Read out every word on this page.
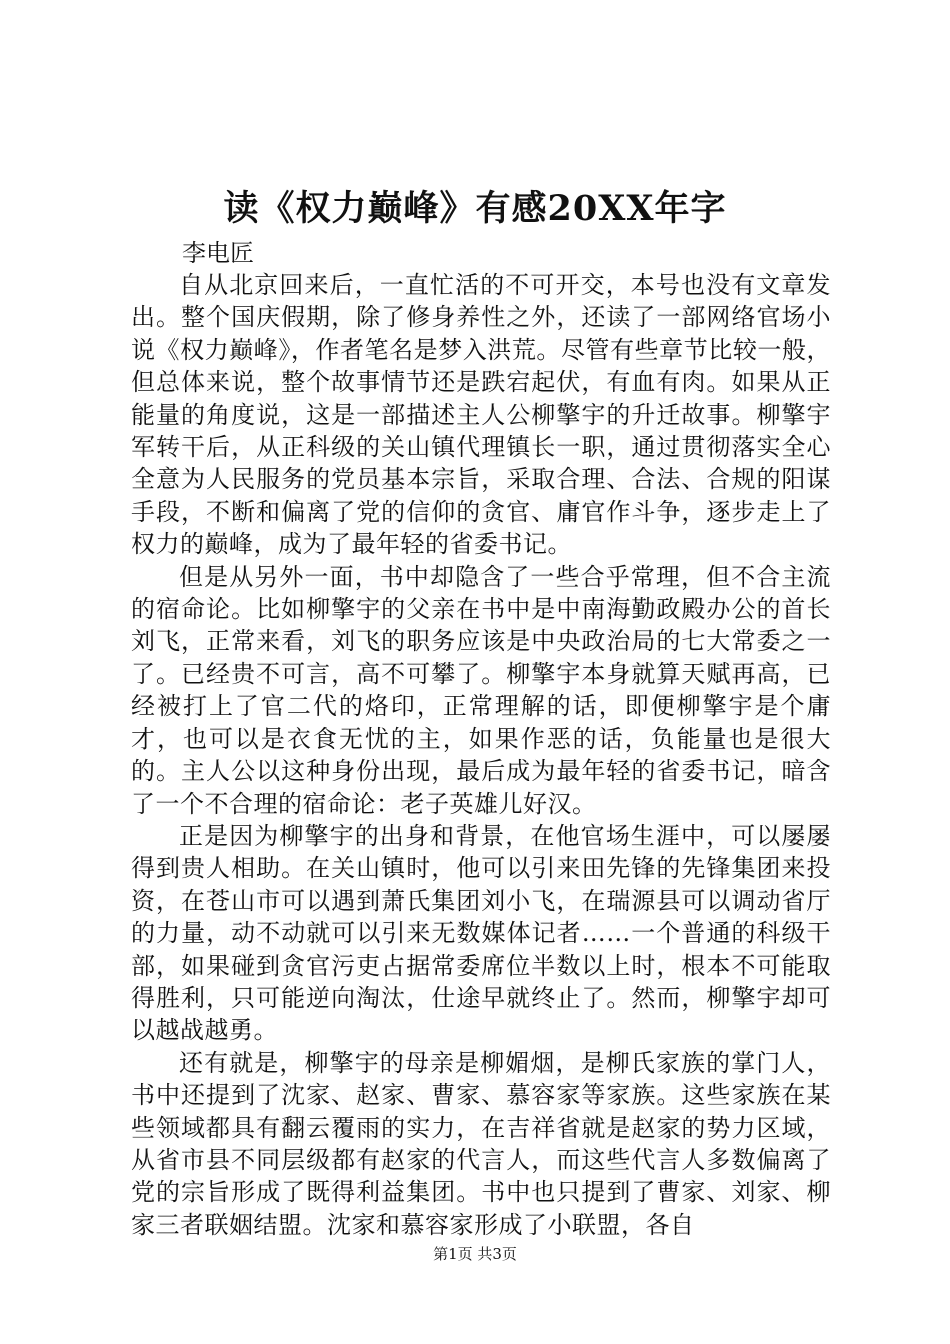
读《权力巅峰》有感20XX年字
李电匠

自从北京回来后，一直忙活的不可开交，本号也没有文章发出。整个国庆假期，除了修身养性之外，还读了一部网络官场小说《权力巅峰》，作者笔名是梦入洪荒。尽管有些章节比较一般，但总体来说，整个故事情节还是跌宕起伏，有血有肉。如果从正能量的角度说，这是一部描述主人公柳擎宇的升迁故事。柳擎宇军转干后，从正科级的关山镇代理镇长一职，通过贯彻落实全心全意为人民服务的党员基本宗旨，采取合理、合法、合规的阳谋手段，不断和偏离了党的信仰的贪官、庸官作斗争，逐步走上了权力的巅峰，成为了最年轻的省委书记。

但是从另外一面，书中却隐含了一些合乎常理，但不合主流的宿命论。比如柳擎宇的父亲在书中是中南海勤政殿办公的首长刘飞，正常来看，刘飞的职务应该是中央政治局的七大常委之一了。已经贵不可言，高不可攀了。柳擎宇本身就算天赋再高，已经被打上了官二代的烙印，正常理解的话，即便柳擎宇是个庸才，也可以是衣食无忧的主，如果作恶的话，负能量也是很大的。主人公以这种身份出现，最后成为最年轻的省委书记，暗含了一个不合理的宿命论：老子英雄儿好汉。

正是因为柳擎宇的出身和背景，在他官场生涯中，可以屡屡得到贵人相助。在关山镇时，他可以引来田先锋的先锋集团来投资，在苍山市可以遇到萧氏集团刘小飞，在瑞源县可以调动省厅的力量，动不动就可以引来无数媒体记者……一个普通的科级干部，如果碰到贪官污吏占据常委席位半数以上时，根本不可能取得胜利，只可能逆向淘汰，仕途早就终止了。然而，柳擎宇却可以越战越勇。

还有就是，柳擎宇的母亲是柳媚烟，是柳氏家族的掌门人，书中还提到了沈家、赵家、曹家、慕容家等家族。这些家族在某些领域都具有翻云覆雨的实力，在吉祥省就是赵家的势力区域，从省市县不同层级都有赵家的代言人，而这些代言人多数偏离了党的宗旨形成了既得利益集团。书中也只提到了曹家、刘家、柳家三者联姻结盟。沈家和慕容家形成了小联盟，各自

第1页 共3页
